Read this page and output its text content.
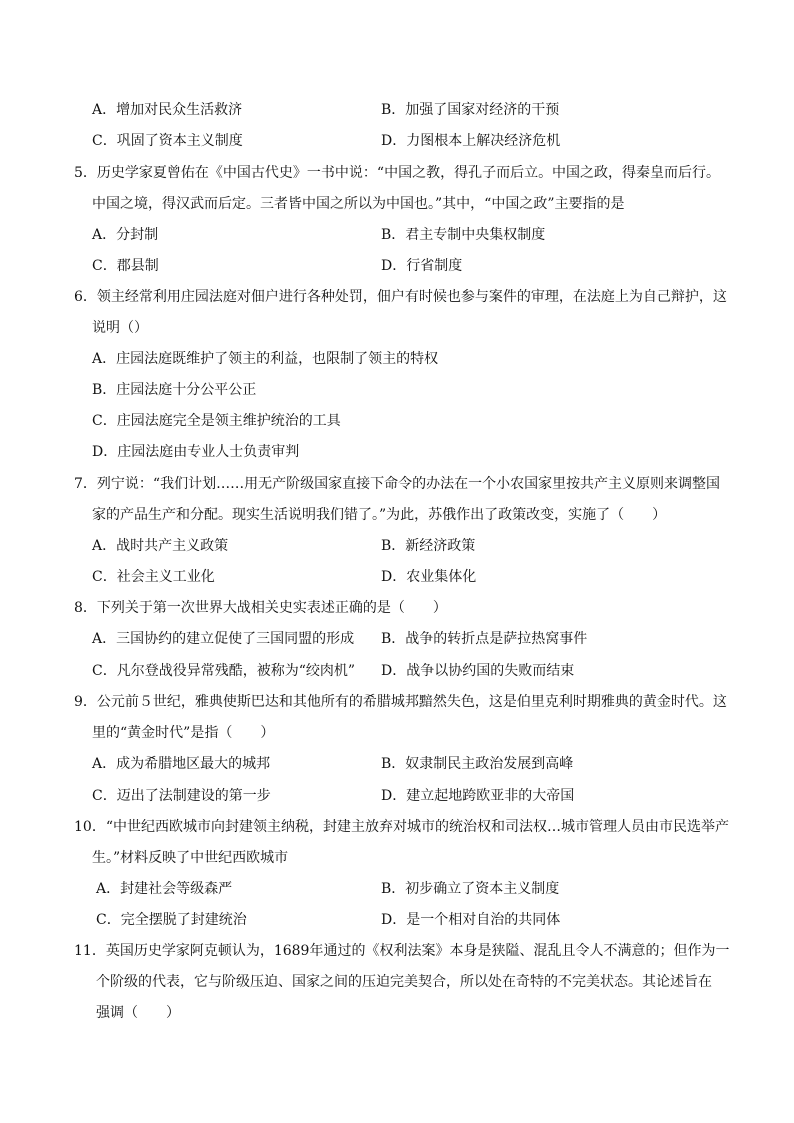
A．增加对民众生活救济	B．加强了国家对经济的干预
C．巩固了资本主义制度	D．力图根本上解决经济危机
5．历史学家夏曾佑在《中国古代史》一书中说：“中国之教，得孔子而后立。中国之政，得秦皇而后行。
中国之境，得汉武而后定。三者皆中国之所以为中国也。”其中，“中国之政”主要指的是
A．分封制	B．君主专制中央集权制度
C．郡县制	D．行省制度
6．领主经常利用庄园法庭对佃户进行各种处罚，佃户有时候也参与案件的审理，在法庭上为自己辩护，这
说明（）
A．庄园法庭既维护了领主的利益，也限制了领主的特权
B．庄园法庭十分公平公正
C．庄园法庭完全是领主维护统治的工具
D．庄园法庭由专业人士负责审判
7．列宁说：“我们计划……用无产阶级国家直接下命令的办法在一个小农国家里按共产主义原则来调整国
家的产品生产和分配。现实生活说明我们错了。”为此，苏俄作出了政策改变，实施了（　　）
A．战时共产主义政策	B．新经济政策
C．社会主义工业化	D．农业集体化
8．下列关于第一次世界大战相关史实表述正确的是（　　）
A．三国协约的建立促使了三国同盟的形成 B．战争的转折点是萨拉热窝事件
C．凡尔登战役异常残酷，被称为“绞肉机” D．战争以协约国的失败而结束
9．公元前５世纪，雅典使斯巴达和其他所有的希腊城邦黯然失色，这是伯里克利时期雅典的黄金时代。这
里的“黄金时代”是指（　　）
A．成为希腊地区最大的城邦	B．奴隶制民主政治发展到高峰
C．迈出了法制建设的第一步	D．建立起地跨欧亚非的大帝国
10．“中世纪西欧城市向封建领主纳税，封建主放弃对城市的统治权和司法权…城市管理人员由市民选举产
生。”材料反映了中世纪西欧城市
A．封建社会等级森严	B．初步确立了资本主义制度
C．完全摆脱了封建统治	D．是一个相对自治的共同体
11．英国历史学家阿克顿认为，1689年通过的《权利法案》本身是狭隘、混乱且令人不满意的；但作为一
个阶级的代表，它与阶级压迫、国家之间的压迫完美契合，所以处在奇特的不完美状态。其论述旨在
强调（　　）
